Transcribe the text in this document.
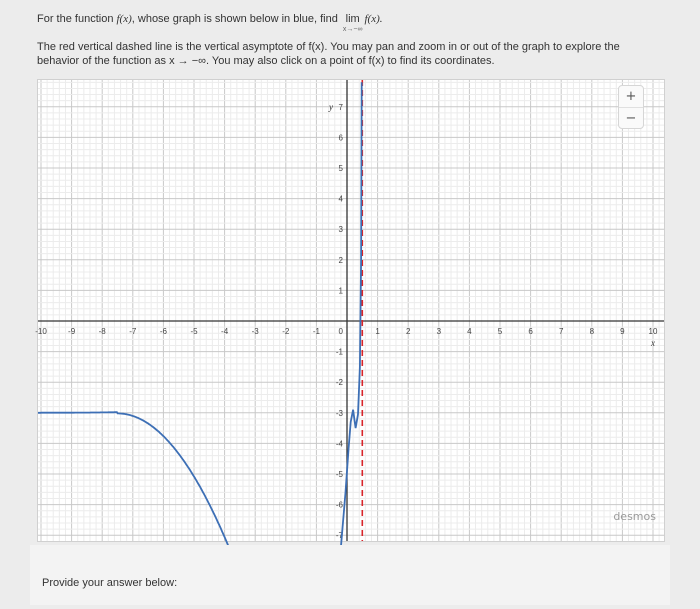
For the function f(x), whose graph is shown below in blue, find lim
x→−∞
f(x).
The red vertical dashed line is the vertical asymptote of f(x). You may pan and zoom in or out of the graph to explore the behavior of the function as x → −∞. You may also click on a point of f(x) to find its coordinates.
-10	-9	-8	-7	-6	-5	-4	-3	-2	-1 0	1	2	3	4	5	6	7	8	9	10
7
6
5
4
3
2
1
-1
-2
-3
-4
-5
-6
-7
x
y
+
−
desmos
Provide your answer below:
